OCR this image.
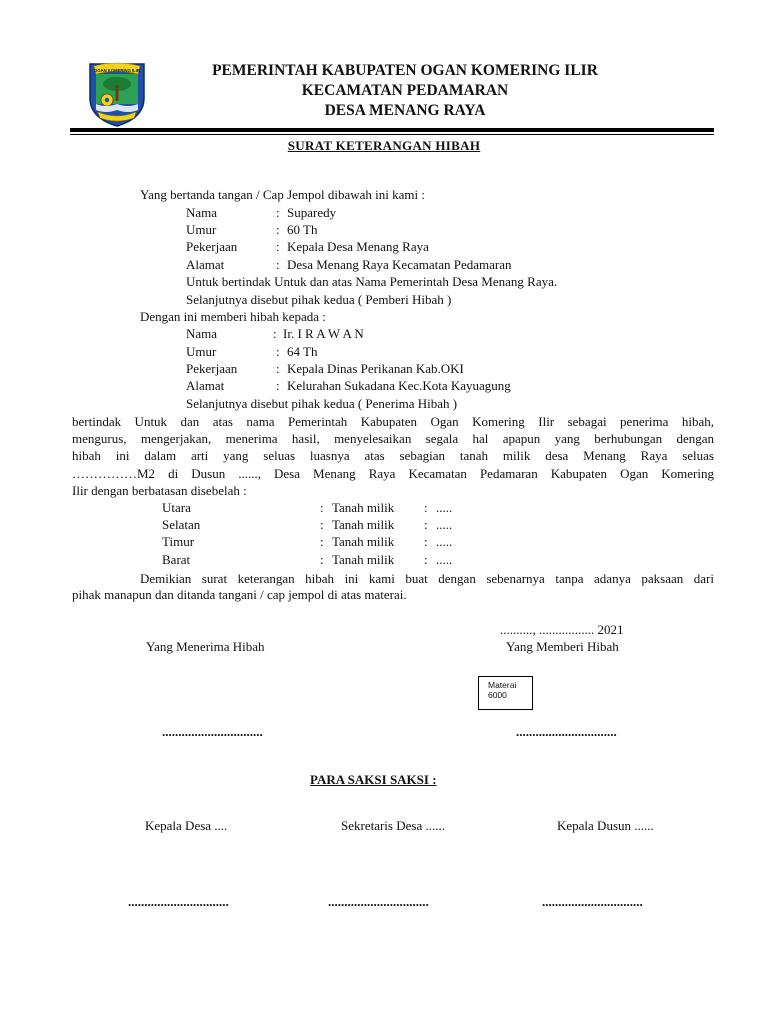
OGAN KOMERING ILIR	PEMERINTAH KABUPATEN OGAN KOMERING ILIR
KECAMATAN PEDAMARAN
DESA MENANG RAYA
SURAT KETERANGAN HIBAH
Yang bertanda tangan / Cap Jempol dibawah ini kami :
Nama	: Suparedy
Umur	: 60 Th
Pekerjaan	: Kepala Desa Menang Raya
Alamat	: Desa Menang Raya Kecamatan Pedamaran
Untuk bertindak Untuk dan atas Nama Pemerintah Desa Menang Raya.
Selanjutnya disebut pihak kedua ( Pemberi Hibah )
Dengan ini memberi hibah kepada :
Nama	: Ir. I R A W A N
Umur	: 64 Th
Pekerjaan	: Kepala Dinas Perikanan Kab.OKI
Alamat	: Kelurahan Sukadana Kec.Kota Kayuagung
Selanjutnya disebut pihak kedua ( Penerima Hibah )
bertindak Untuk dan atas nama Pemerintah Kabupaten Ogan Komering Ilir sebagai penerima hibah,
mengurus, mengerjakan, menerima hasil, menyelesaikan segala hal apapun yang berhubungan dengan
hibah ini dalam arti yang seluas luasnya atas sebagian tanah milik desa Menang Raya seluas
……………M2 di Dusun ......, Desa Menang Raya Kecamatan Pedamaran Kabupaten Ogan Komering
Ilir dengan berbatasan disebelah :
Utara	: Tanah milik : .....
Selatan	: Tanah milik : .....
Timur	: Tanah milik : .....
Barat	: Tanah milik : .....
Demikian surat keterangan hibah ini kami buat dengan sebenarnya tanpa adanya paksaan dari
pihak manapun dan ditanda tangani / cap jempol di atas materai.
.........., ................. 2021
Yang Menerima Hibah	Yang Memberi Hibah
Materai
6000
...............................	...............................
PARA SAKSI SAKSI :
Kepala Desa ....	Sekretaris Desa ......	Kepala Dusun ......
...............................	...............................	...............................
